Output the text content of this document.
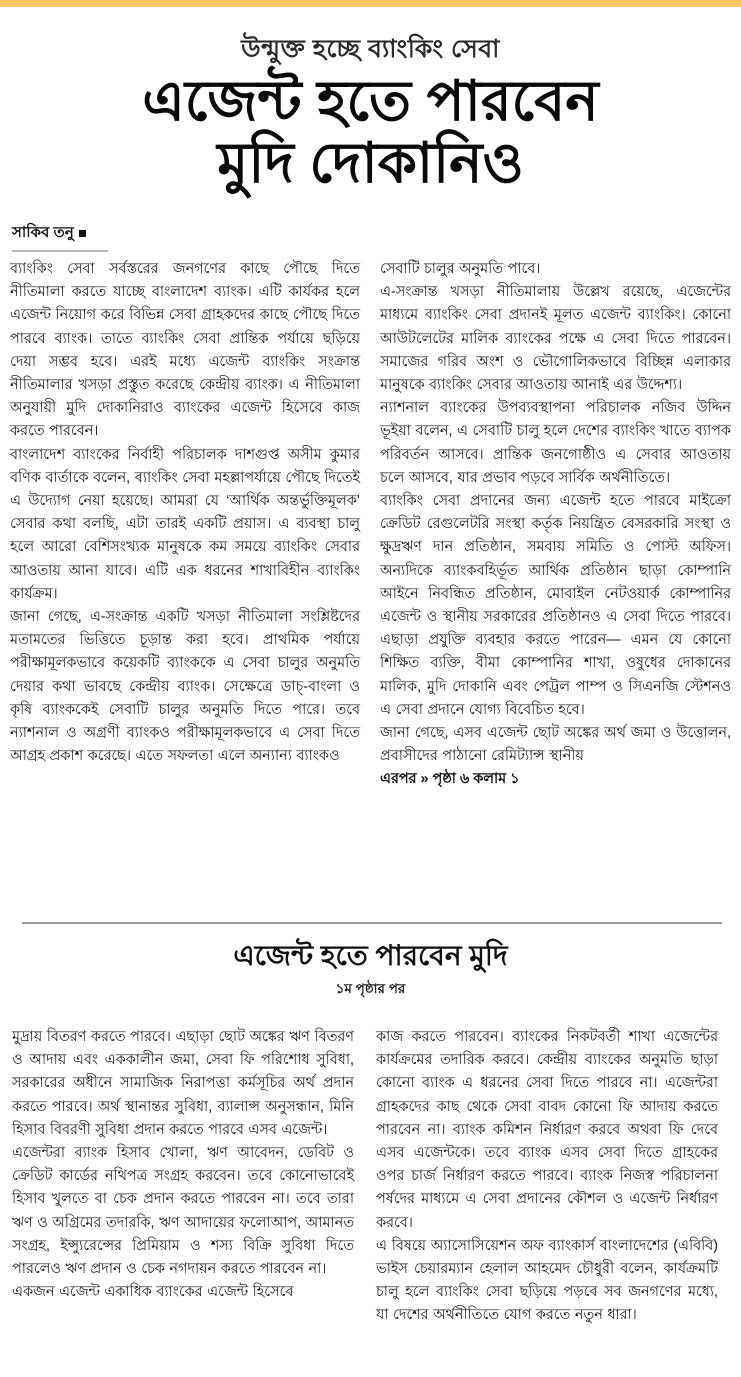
উন্মুক্ত হচ্ছে ব্যাংকিং সেবা
এজেন্ট হতে পারবেন
মুদি দোকানিও
সাকিব তনু

ব্যাংকিং সেবা সর্বস্তরের জনগণের কাছে পৌছে দিতে নীতিমালা করতে যাচ্ছে বাংলাদেশ ব্যাংক। এটি কার্যকর হলে এজেন্ট নিয়োগ করে বিভিন্ন সেবা গ্রাহকদের কাছে পৌছে দিতে পারবে ব্যাংক। তাতে ব্যাংকিং সেবা প্রান্তিক পর্যায়ে ছড়িয়ে দেয়া সম্ভব হবে। এরই মধ্যে এজেন্ট ব্যাংকিং সংক্রান্ত নীতিমালার খসড়া প্রস্তুত করেছে কেন্দ্রীয় ব্যাংক। এ নীতিমালা অনুযায়ী মুদি দোকানিরাও ব্যাংকের এজেন্ট হিসেবে কাজ করতে পারবেন।

বাংলাদেশ ব্যাংকের নির্বাহী পরিচালক দাশগুপ্ত অসীম কুমার বণিক বার্তাকে বলেন, ব্যাংকিং সেবা মহল্লাপর্যায়ে পৌছে দিতেই এ উদ্যোগ নেয়া হয়েছে। আমরা যে ‘আর্থিক অন্তর্ভুক্তিমূলক’ সেবার কথা বলছি, এটা তারই একটি প্রয়াস। এ ব্যবস্থা চালু হলে আরো বেশিসংখ্যক মানুষকে কম সময়ে ব্যাংকিং সেবার আওতায় আনা যাবে। এটি এক ধরনের শাখাবিহীন ব্যাংকিং কার্যক্রম।

জানা গেছে, এ-সংক্রান্ত একটি খসড়া নীতিমালা সংশ্লিষ্টদের মতামতের ভিত্তিতে চূড়ান্ত করা হবে। প্রাথমিক পর্যায়ে পরীক্ষামূলকভাবে কয়েকটি ব্যাংককে এ সেবা চালুর অনুমতি দেয়ার কথা ভাবছে কেন্দ্রীয় ব্যাংক। সেক্ষেত্রে ডাচ্-বাংলা ও কৃষি ব্যাংককেই সেবাটি চালুর অনুমতি দিতে পারে। তবে ন্যাশনাল ও অগ্রণী ব্যাংকও পরীক্ষামূলকভাবে এ সেবা দিতে আগ্রহ প্রকাশ করেছে। এতে সফলতা এলে অন্যান্য ব্যাংকও

সেবাটি চালুর অনুমতি পাবে।

এ-সংক্রান্ত খসড়া নীতিমালায় উল্লেখ রয়েছে, এজেন্টের মাধ্যমে ব্যাংকিং সেবা প্রদানই মূলত এজেন্ট ব্যাংকিং। কোনো আউটলেটের মালিক ব্যাংকের পক্ষে এ সেবা দিতে পারবেন। সমাজের গরিব অংশ ও ভৌগোলিকভাবে বিচ্ছিন্ন এলাকার মানুষকে ব্যাংকিং সেবার আওতায় আনাই এর উদ্দেশ্য।

ন্যাশনাল ব্যাংকের উপব্যবস্থাপনা পরিচালক নজিব উদ্দিন ভূইয়া বলেন, এ সেবাটি চালু হলে দেশের ব্যাংকিং খাতে ব্যাপক পরিবর্তন আসবে। প্রান্তিক জনগোষ্ঠীও এ সেবার আওতায় চলে আসবে, যার প্রভাব পড়বে সার্বিক অর্থনীতিতে।

ব্যাংকিং সেবা প্রদানের জন্য এজেন্ট হতে পারবে মাইক্রো ক্রেডিট রেগুলেটরি সংস্থা কর্তৃক নিয়ন্ত্রিত বেসরকারি সংস্থা ও ক্ষুদ্রঋণ দান প্রতিষ্ঠান, সমবায় সমিতি ও পোস্ট অফিস। অন্যদিকে ব্যাংকবহির্ভূত আর্থিক প্রতিষ্ঠান ছাড়া কোম্পানি আইনে নিবন্ধিত প্রতিষ্ঠান, মোবাইল নেটওয়ার্ক কোম্পানির এজেন্ট ও স্থানীয় সরকারের প্রতিষ্ঠানও এ সেবা দিতে পারবে। এছাড়া প্রযুক্তি ব্যবহার করতে পারেন— এমন যে কোনো শিক্ষিত ব্যক্তি, বীমা কোম্পানির শাখা, ওষুধের দোকানের মালিক, মুদি দোকানি এবং পেট্রল পাম্প ও সিএনজি স্টেশনও এ সেবা প্রদানে যোগ্য বিবেচিত হবে।

জানা গেছে, এসব এজেন্ট ছোট অঙ্কের অর্থ জমা ও উত্তোলন, প্রবাসীদের পাঠানো রেমিট্যান্স স্থানীয়

এরপর » পৃষ্ঠা ৬ কলাম ১

এজেন্ট হতে পারবেন মুদি
১ম পৃষ্ঠার পর

মুদ্রায় বিতরণ করতে পারবে। এছাড়া ছোট অঙ্কের ঋণ বিতরণ ও আদায় এবং এককালীন জমা, সেবা ফি পরিশোধ সুবিধা, সরকারের অধীনে সামাজিক নিরাপত্তা কর্মসূচির অর্থ প্রদান করতে পারবে। অর্থ স্থানান্তর সুবিধা, ব্যালান্স অনুসন্ধান, মিনি হিসাব বিবরণী সুবিধা প্রদান করতে পারবে এসব এজেন্ট।

এজেন্টরা ব্যাংক হিসাব খোলা, ঋণ আবেদন, ডেবিট ও ক্রেডিট কার্ডের নথিপত্র সংগ্রহ করবেন। তবে কোনোভাবেই হিসাব খুলতে বা চেক প্রদান করতে পারবেন না। তবে তারা ঋণ ও অগ্রিমের তদারকি, ঋণ আদায়ের ফলোআপ, আমানত সংগ্রহ, ইন্স্যুরেন্সের প্রিমিয়াম ও শস্য বিক্রি সুবিধা দিতে পারলেও ঋণ প্রদান ও চেক নগদায়ন করতে পারবেন না।

একজন এজেন্ট একাধিক ব্যাংকের এজেন্ট হিসেবে

কাজ করতে পারবেন। ব্যাংকের নিকটবর্তী শাখা এজেন্টের কার্যক্রমের তদারিক করবে। কেন্দ্রীয় ব্যাংকের অনুমতি ছাড়া কোনো ব্যাংক এ ধরনের সেবা দিতে পারবে না। এজেন্টরা গ্রাহকদের কাছ থেকে সেবা বাবদ কোনো ফি আদায় করতে পারবেন না। ব্যাংক কমিশন নির্ধারণ করবে অথবা ফি দেবে এসব এজেন্টকে। তবে ব্যাংক এসব সেবা দিতে গ্রাহকের ওপর চার্জ নির্ধারণ করতে পারবে। ব্যাংক নিজস্ব পরিচালনা পর্ষদের মাধ্যমে এ সেবা প্রদানের কৌশল ও এজেন্ট নির্ধারণ করবে।

এ বিষয়ে অ্যাসোসিয়েশন অফ ব্যাংকার্স বাংলাদেশের (এবিবি) ভাইস চেয়ারম্যান হেলাল আহমেদ চৌধুরী বলেন, কার্যক্রমটি চালু হলে ব্যাংকিং সেবা ছড়িয়ে পড়বে সব জনগণের মধ্যে, যা দেশের অর্থনীতিতে যোগ করতে নতুন ধারা।
